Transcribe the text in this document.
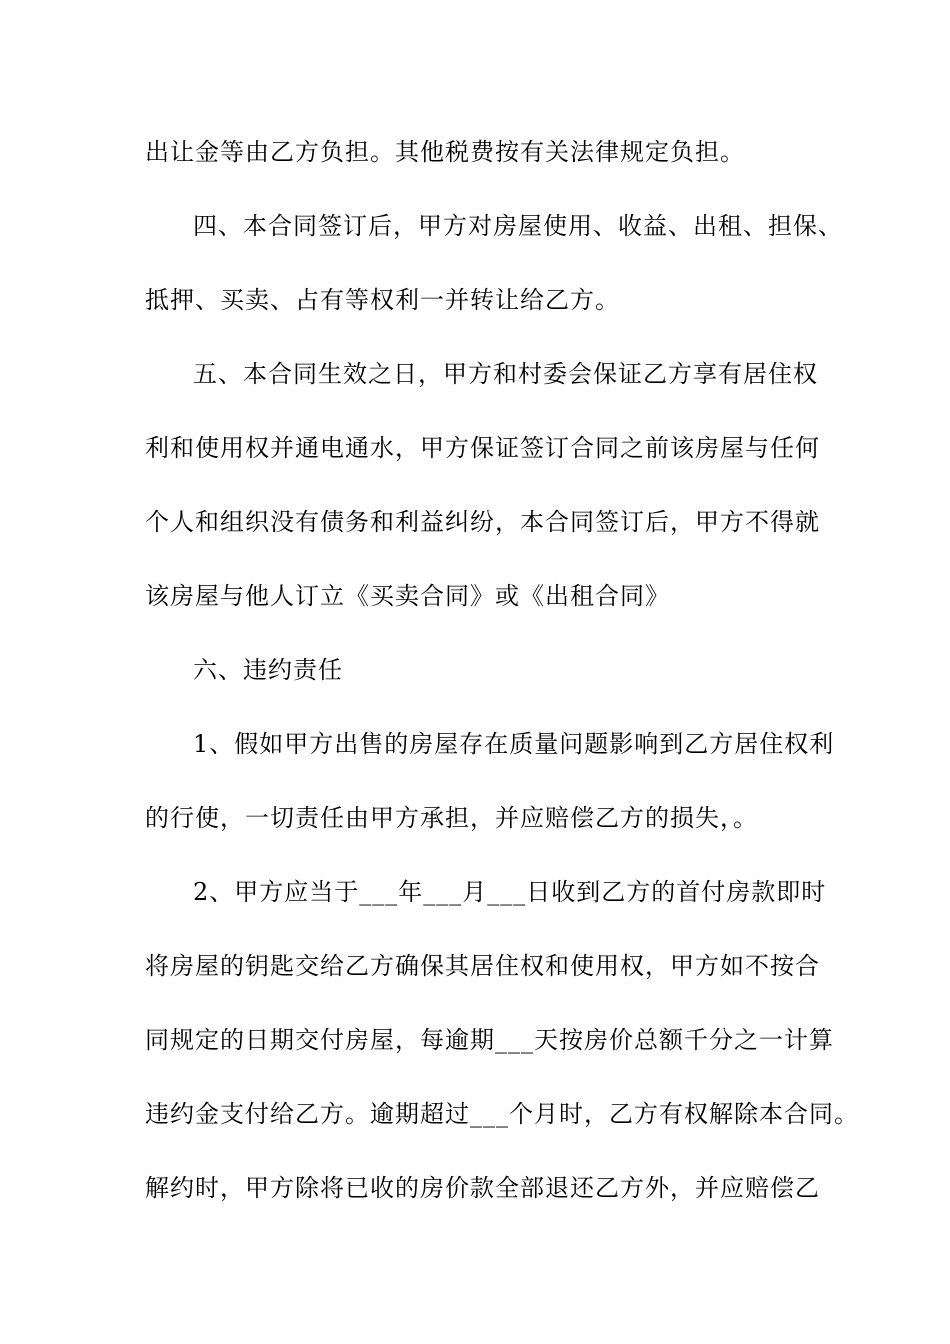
出让金等由乙方负担。其他税费按有关法律规定负担。
四、本合同签订后，甲方对房屋使用、收益、出租、担保、
抵押、买卖、占有等权利一并转让给乙方。
五、本合同生效之日，甲方和村委会保证乙方享有居住权
利和使用权并通电通水，甲方保证签订合同之前该房屋与任何
个人和组织没有债务和利益纠纷，本合同签订后，甲方不得就
该房屋与他人订立《买卖合同》或《出租合同》
六、违约责任
1、假如甲方出售的房屋存在质量问题影响到乙方居住权利
的行使，一切责任由甲方承担，并应赔偿乙方的损失，。
2、甲方应当于___年___月___日收到乙方的首付房款即时
将房屋的钥匙交给乙方确保其居住权和使用权，甲方如不按合
同规定的日期交付房屋，每逾期___天按房价总额千分之一计算
违约金支付给乙方。逾期超过___个月时，乙方有权解除本合同。
解约时，甲方除将已收的房价款全部退还乙方外，并应赔偿乙
